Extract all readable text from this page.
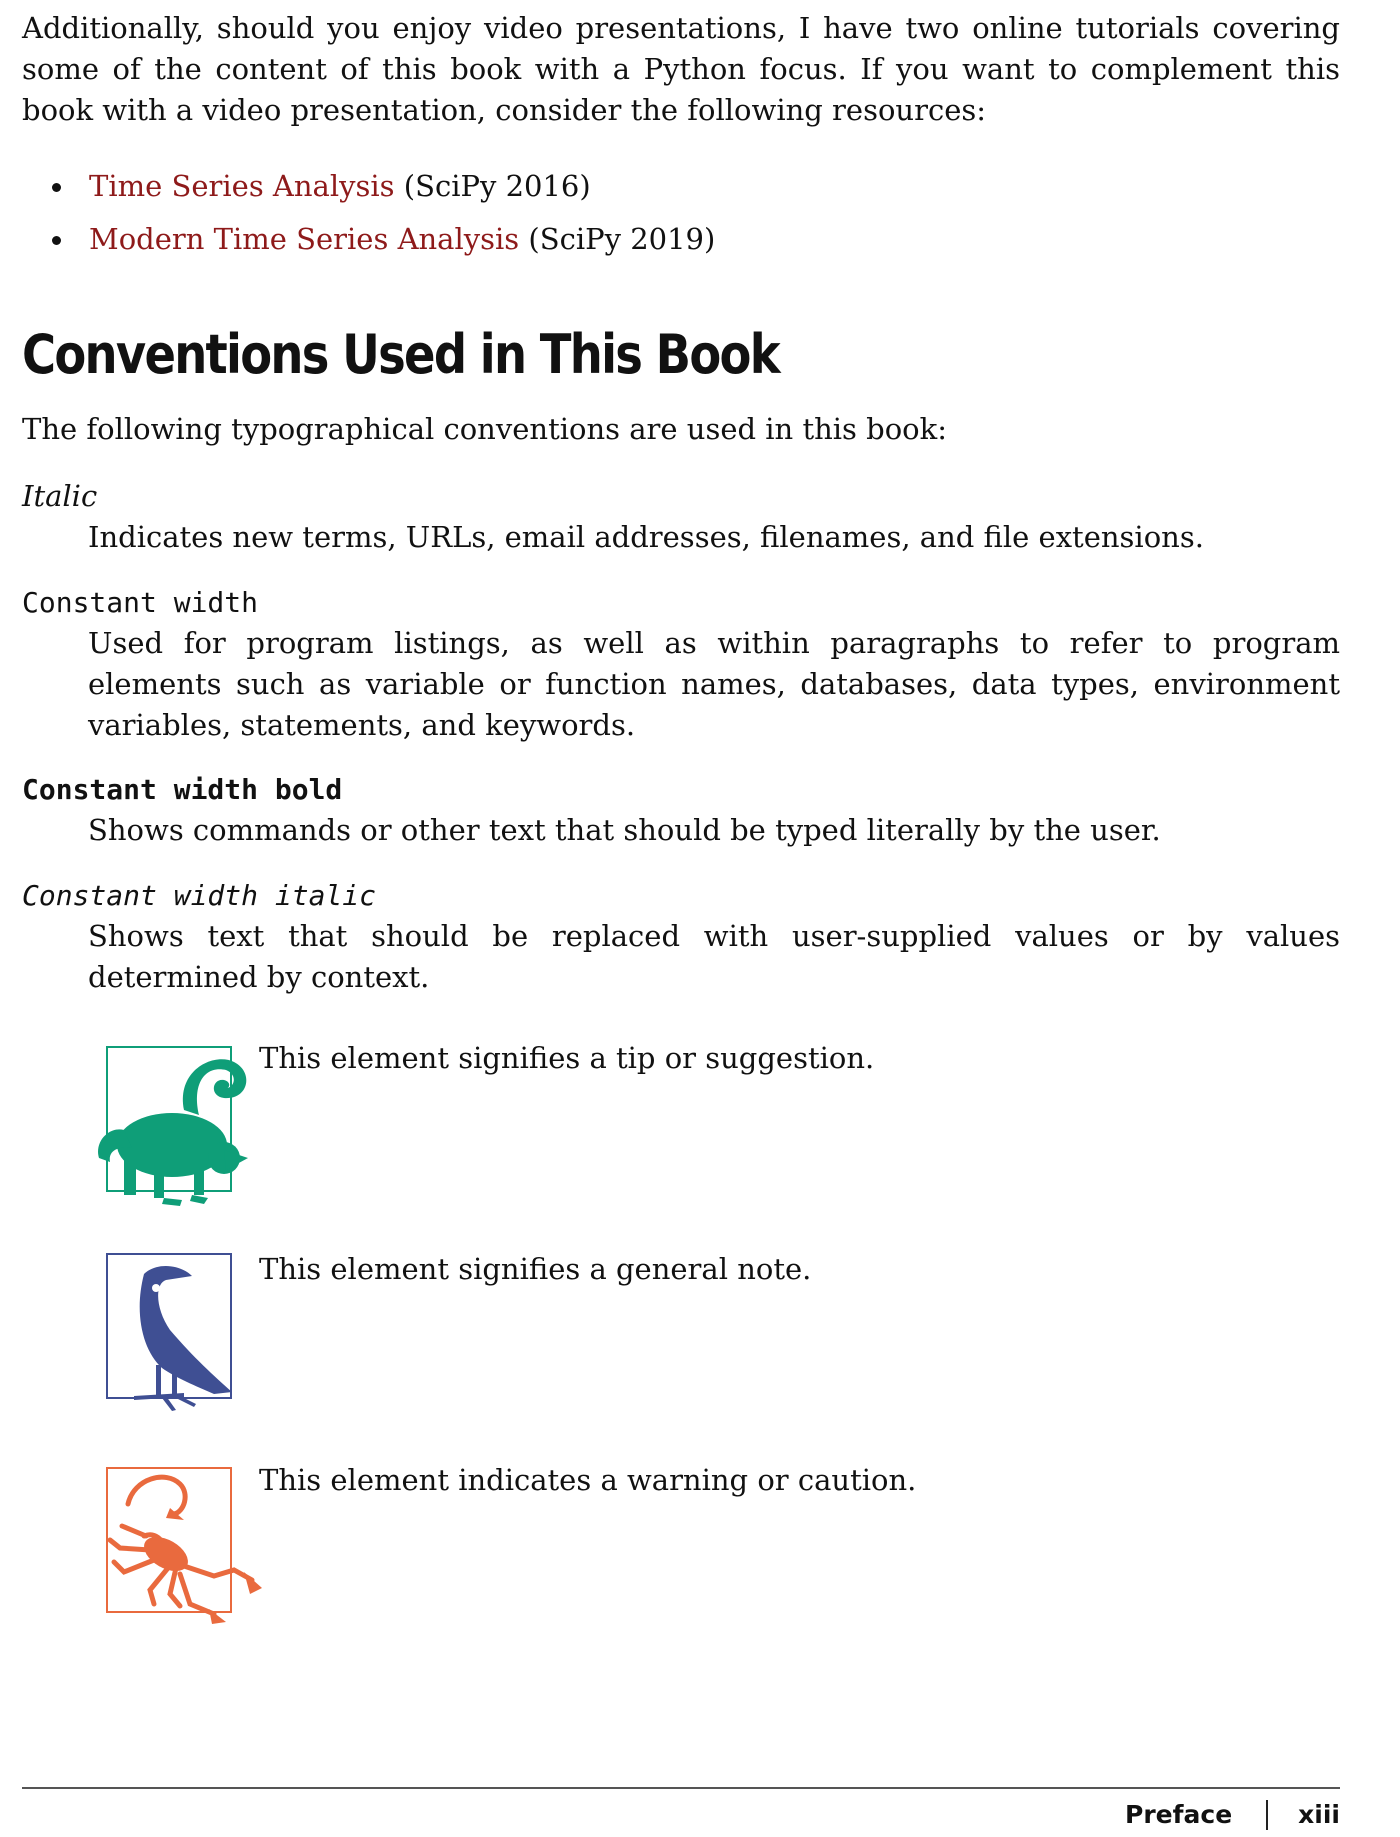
Additionally, should you enjoy video presentations, I have two online tutorials covering some of the content of this book with a Python focus. If you want to complement this book with a video presentation, consider the following resources:

Time Series Analysis (SciPy 2016)
Modern Time Series Analysis (SciPy 2019)
Conventions Used in This Book

The following typographical conventions are used in this book:

Italic

Indicates new terms, URLs, email addresses, filenames, and file extensions.

Constant width

Used for program listings, as well as within paragraphs to refer to program elements such as variable or function names, databases, data types, environment variables, statements, and keywords.

Constant width bold

Shows commands or other text that should be typed literally by the user.

Constant width italic

Shows text that should be replaced with user-supplied values or by values determined by context.

This element signifies a tip or suggestion.
This element signifies a general note.
This element indicates a warning or caution.
Preface	xiii
